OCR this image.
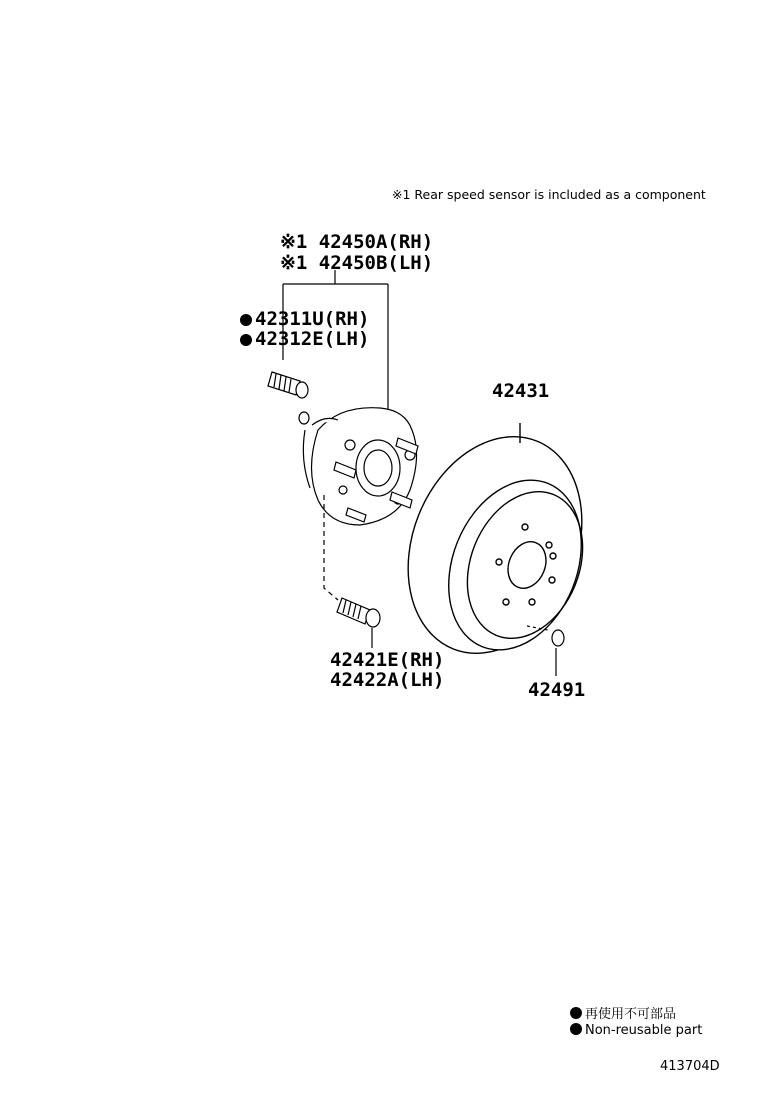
※1 Rear speed sensor is included as a component
※1 42450A(RH)
※1 42450B(LH)
42311U(RH)
42312E(LH)
42431
42421E(RH)
42422A(LH)	42491
再使用不可部品
Non-reusable part
413704D
